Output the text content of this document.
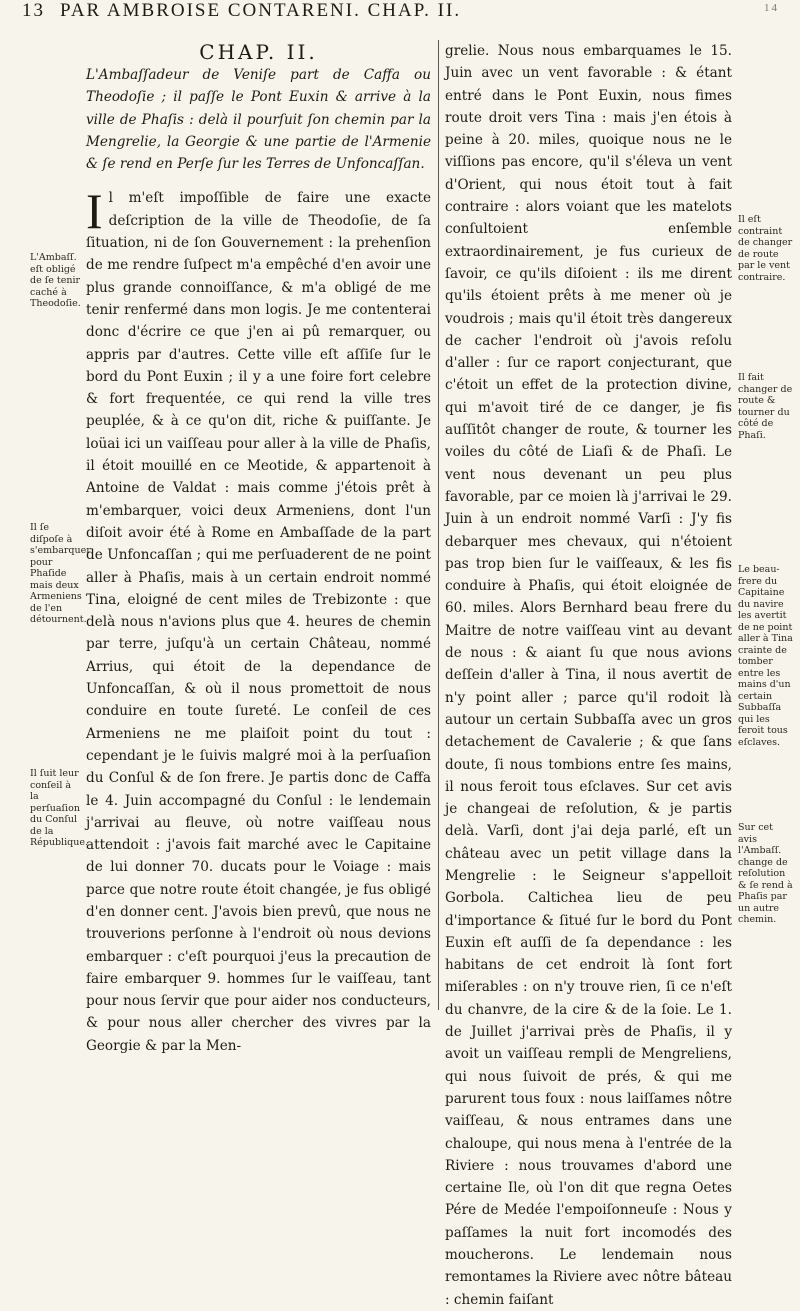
13 PAR AMBROISE CONTARENI. CHAP. II.	14

CHAP. II.

L'Ambaſſadeur de Veniſe part de Caffa ou Theodoſie ; il paſſe le Pont Euxin & arrive à la ville de Phaſis : delà il pourſuit ſon chemin par la Mengrelie, la Georgie & une partie de l'Armenie & ſe rend en Perſe ſur les Terres de Unfoncaſſan.

Il m'eſt impoſſible de faire une exacte deſcription de la ville de Theodoſie, de ſa ſituation, ni de ſon Gouvernement : la prehenſion de me rendre ſuſpect m'a empêché d'en avoir une plus grande connoiſſance, & m'a obligé de me tenir renfermé dans mon logis. Je me contenterai donc d'écrire ce que j'en ai pû remarquer, ou appris par d'autres. Cette ville eſt aſſiſe ſur le bord du Pont Euxin ; il y a une foire fort celebre & fort frequentée, ce qui rend la ville tres peuplée, & à ce qu'on dit, riche & puiſſante. Je loüai ici un vaiſſeau pour aller à la ville de Phaſis, il étoit mouillé en ce Meotide, & appartenoit à Antoine de Valdat : mais comme j'étois prêt à m'embarquer, voici deux Armeniens, dont l'un diſoit avoir été à Rome en Ambaſſade de la part de Unfoncaſſan ; qui me perſuaderent de ne point aller à Phaſis, mais à un certain endroit nommé Tina, eloigné de cent miles de Trebizonte : que delà nous n'avions plus que 4. heures de chemin par terre, juſqu'à un certain Château, nommé Arrius, qui étoit de la dependance de Unfoncaſſan, & où il nous promettoit de nous conduire en toute ſureté. Le conſeil de ces Armeniens ne me plaiſoit point du tout : cependant je le ſuivis malgré moi à la perſuaſion du Conſul & de ſon frere. Je partis donc de Caffa le 4. Juin accompagné du Conſul : le lendemain j'arrivai au fleuve, où notre vaiſſeau nous attendoit : j'avois fait marché avec le Capitaine de lui donner 70. ducats pour le Voiage : mais parce que notre route étoit changée, je fus obligé d'en donner cent. J'avois bien prevû, que nous ne trouverions perſonne à l'endroit où nous devions embarquer : c'eſt pourquoi j'eus la precaution de faire embarquer 9. hommes ſur le vaiſſeau, tant pour nous ſervir que pour aider nos conducteurs, & pour nous aller chercher des vivres par la Georgie & par la Men-

grelie. Nous nous embarquames le 15. Juin avec un vent favorable : & étant entré dans le Pont Euxin, nous fimes route droit vers Tina : mais j'en étois à peine à 20. miles, quoique nous ne le viſſions pas encore, qu'il s'éleva un vent d'Orient, qui nous étoit tout à fait contraire : alors voiant que les matelots conſultoient enſemble extraordinairement, je fus curieux de ſavoir, ce qu'ils diſoient : ils me dirent qu'ils étoient prêts à me mener où je voudrois ; mais qu'il étoit très dangereux de cacher l'endroit où j'avois reſolu d'aller : ſur ce raport conjecturant, que c'étoit un effet de la protection divine, qui m'avoit tiré de ce danger, je fis auſſitôt changer de route, & tourner les voiles du côté de Liaſi & de Phaſi. Le vent nous devenant un peu plus favorable, par ce moien là j'arrivai le 29. Juin à un endroit nommé Varſi : J'y fis debarquer mes chevaux, qui n'étoient pas trop bien ſur le vaiſſeaux, & les fis conduire à Phaſis, qui étoit eloignée de 60. miles. Alors Bernhard beau frere du Maitre de notre vaiſſeau vint au devant de nous : & aiant ſu que nous avions deſſein d'aller à Tina, il nous avertit de n'y point aller ; parce qu'il rodoit là autour un certain Subbaſſa avec un gros detachement de Cavalerie ; & que ſans doute, ſi nous tombions entre ſes mains, il nous feroit tous eſclaves. Sur cet avis je changeai de reſolution, & je partis delà. Varſi, dont j'ai deja parlé, eſt un château avec un petit village dans la Mengrelie : le Seigneur s'appelloit Gorbola. Caltichea lieu de peu d'importance & ſitué ſur le bord du Pont Euxin eſt auſſi de ſa dependance : les habitans de cet endroit là ſont fort miſerables : on n'y trouve rien, ſi ce n'eſt du chanvre, de la cire & de la ſoie. Le 1. de Juillet j'arrivai près de Phaſis, il y avoit un vaiſſeau rempli de Mengreliens, qui nous ſuivoit de prés, & qui me parurent tous foux : nous laiſſames nôtre vaiſſeau, & nous entrames dans une chaloupe, qui nous mena à l'entrée de la Riviere : nous trouvames d'abord une certaine Ile, où l'on dit que regna Oetes Pére de Medée l'empoiſonneuſe : Nous y paſſames la nuit fort incomodés des moucherons. Le lendemain nous remontames la Riviere avec nôtre bâteau : chemin faiſant

L'Ambaſſ. eſt obligé de ſe tenir caché à Theodoſie.
Il ſe diſpoſe à s'embarquer pour Phaſide mais deux Armeniens de l'en détournent.
Il ſuit leur conſeil à la perſuaſion du Conſul de la République.
Il eſt contraint de changer de route par le vent contraire.
Il fait changer de route & tourner du côté de Phaſi.
Le beau-frere du Capitaine du navire les avertit de ne point aller à Tina crainte de tomber entre les mains d'un certain Subbaſſa qui les feroit tous eſclaves.
Sur cet avis l'Ambaſſ. change de reſolution & ſe rend à Phaſis par un autre chemin.
